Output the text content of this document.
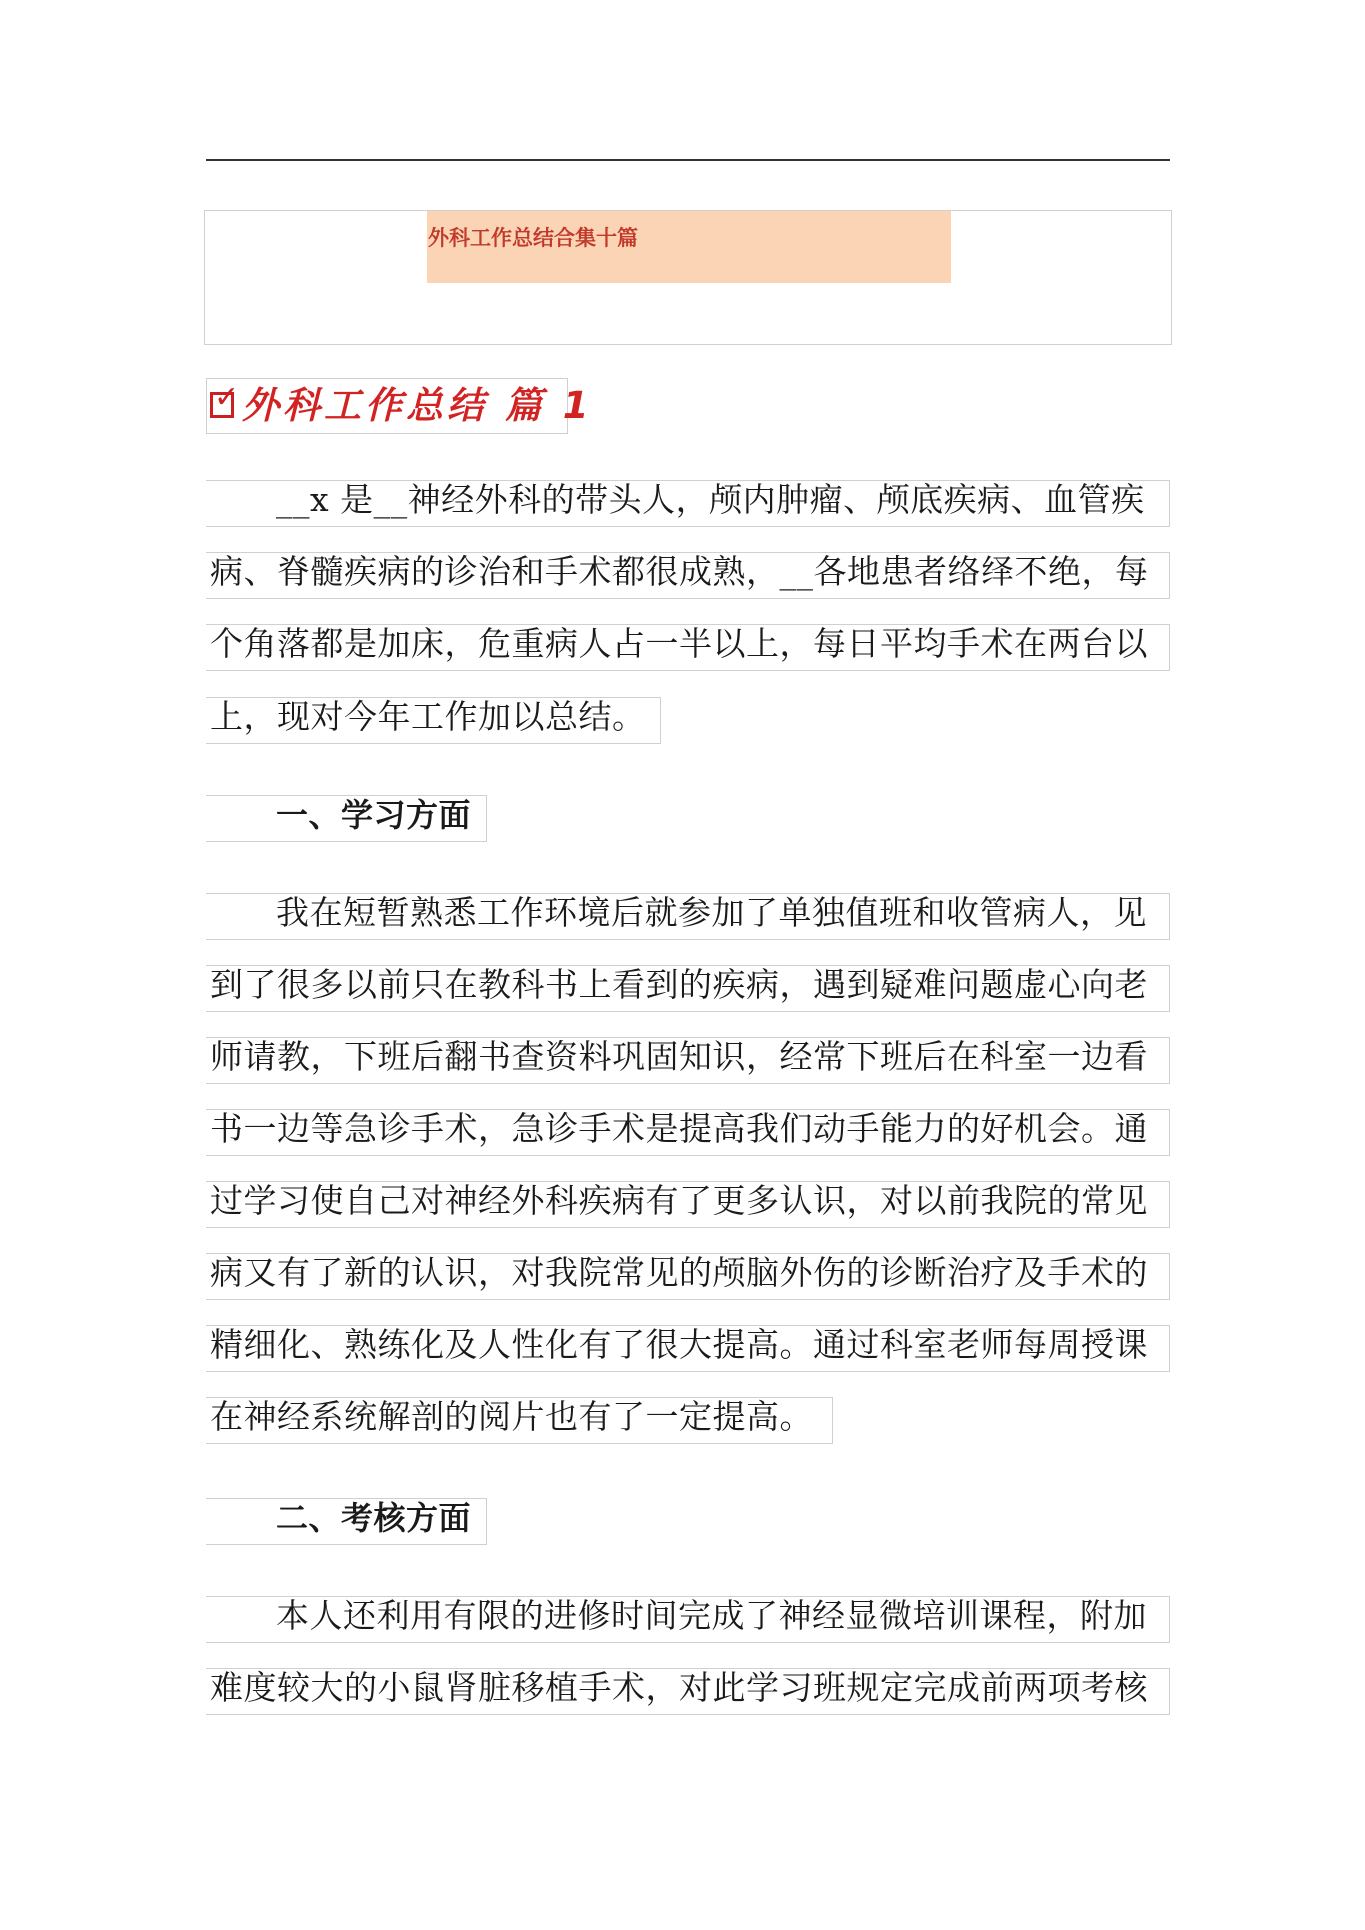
外科工作总结合集十篇
✓ 外科工作总结 篇 1
__x 是__神经外科的带头人，颅内肿瘤、颅底疾病、血管疾
病、脊髓疾病的诊治和手术都很成熟，__各地患者络绎不绝，每
个角落都是加床，危重病人占一半以上，每日平均手术在两台以
上，现对今年工作加以总结。
一、学习方面
我在短暂熟悉工作环境后就参加了单独值班和收管病人，见
到了很多以前只在教科书上看到的疾病，遇到疑难问题虚心向老
师请教，下班后翻书查资料巩固知识，经常下班后在科室一边看
书一边等急诊手术，急诊手术是提高我们动手能力的好机会。通
过学习使自己对神经外科疾病有了更多认识，对以前我院的常见
病又有了新的认识，对我院常见的颅脑外伤的诊断治疗及手术的
精细化、熟练化及人性化有了很大提高。通过科室老师每周授课
在神经系统解剖的阅片也有了一定提高。
二、考核方面
本人还利用有限的进修时间完成了神经显微培训课程，附加
难度较大的小鼠肾脏移植手术，对此学习班规定完成前两项考核
